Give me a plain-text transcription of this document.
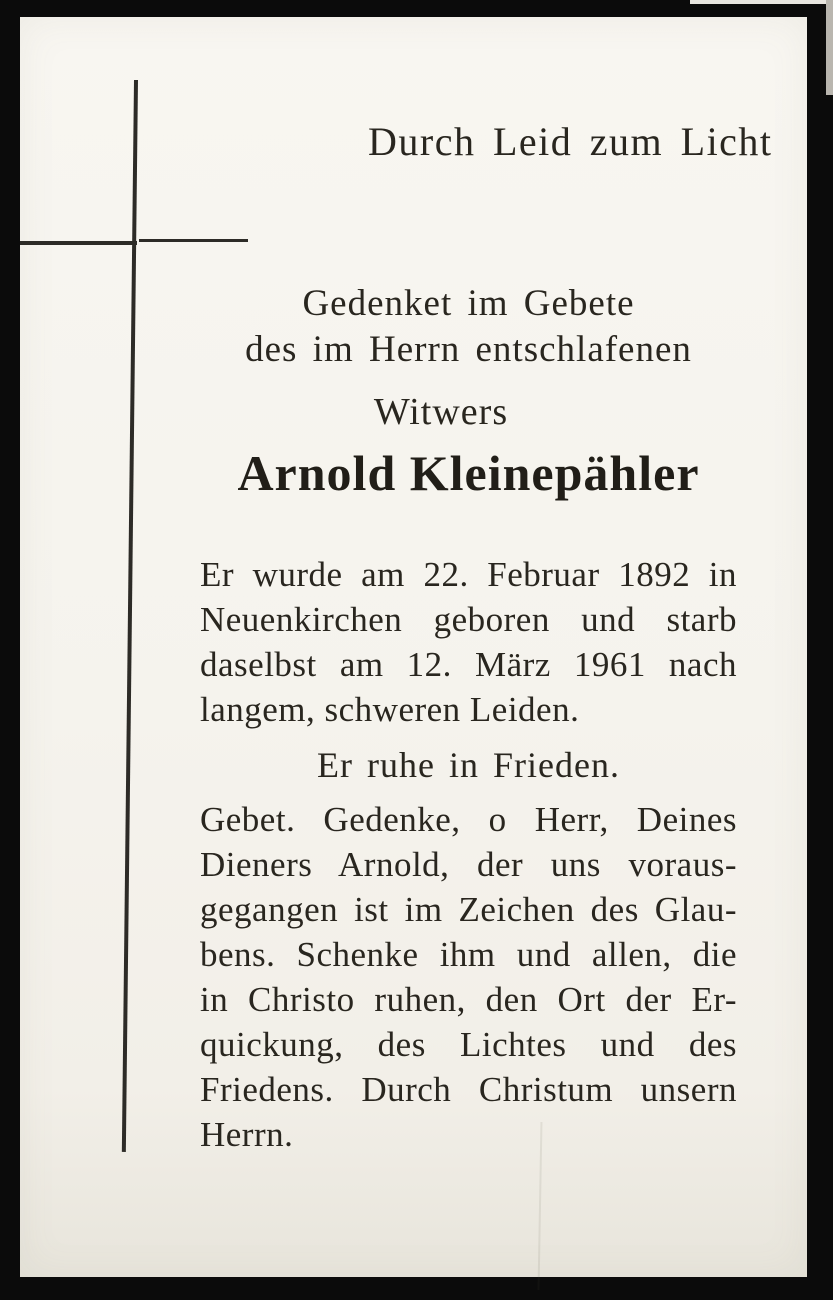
Durch Leid zum Licht
Gedenket im Gebete
des im Herrn entschlafenen
Witwers
Arnold Kleinepähler
Er wurde am 22. Februar 1892 in
Neuenkirchen geboren und starb
daselbst am 12. März 1961 nach
langem, schweren Leiden.
Er ruhe in Frieden.
Gebet. Gedenke, o Herr, Deines
Dieners Arnold, der uns voraus-
gegangen ist im Zeichen des Glau-
bens. Schenke ihm und allen, die
in Christo ruhen, den Ort der Er-
quickung, des Lichtes und des
Friedens. Durch Christum unsern
Herrn.
